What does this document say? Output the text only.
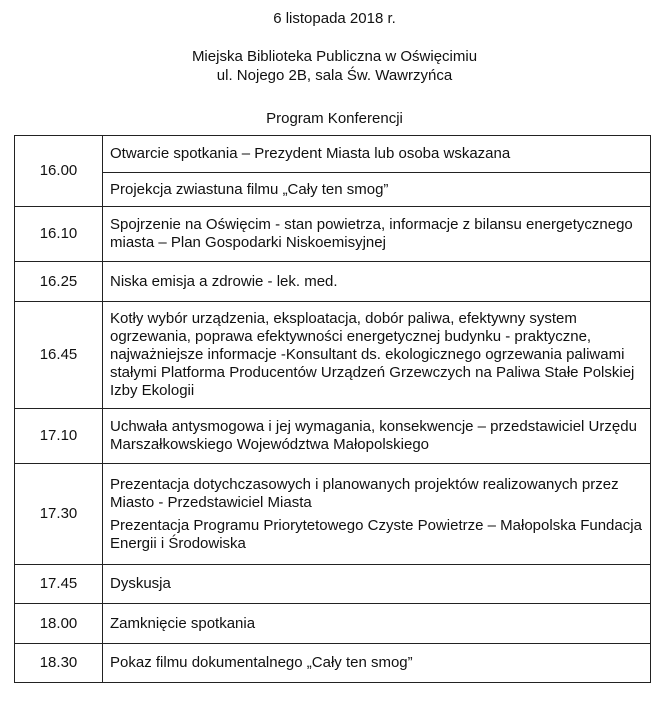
6 listopada 2018 r.
Miejska Biblioteka Publiczna w Oświęcimiu
ul. Nojego 2B, sala Św. Wawrzyńca
Program Konferencji
16.00	Otwarcie spotkania – Prezydent Miasta lub osoba wskazana
	Projekcja zwiastuna filmu „Cały ten smog”
16.10	Spojrzenie na Oświęcim - stan powietrza, informacje z bilansu energetycznego miasta – Plan Gospodarki Niskoemisyjnej
16.25	Niska emisja a zdrowie - lek. med.
16.45	Kotły wybór urządzenia, eksploatacja, dobór paliwa, efektywny system ogrzewania, poprawa efektywności energetycznej budynku - praktyczne, najważniejsze informacje -Konsultant ds. ekologicznego ogrzewania paliwami stałymi Platforma Producentów Urządzeń Grzewczych na Paliwa Stałe Polskiej Izby Ekologii
17.10	Uchwała antysmogowa i jej wymagania, konsekwencje – przedstawiciel Urzędu Marszałkowskiego Województwa Małopolskiego
17.30	Prezentacja dotychczasowych i planowanych projektów realizowanych przez Miasto - Przedstawiciel Miasta
Prezentacja Programu Priorytetowego Czyste Powietrze – Małopolska Fundacja Energii i Środowiska

17.45	Dyskusja
18.00	Zamknięcie spotkania
18.30	Pokaz filmu dokumentalnego „Cały ten smog”
